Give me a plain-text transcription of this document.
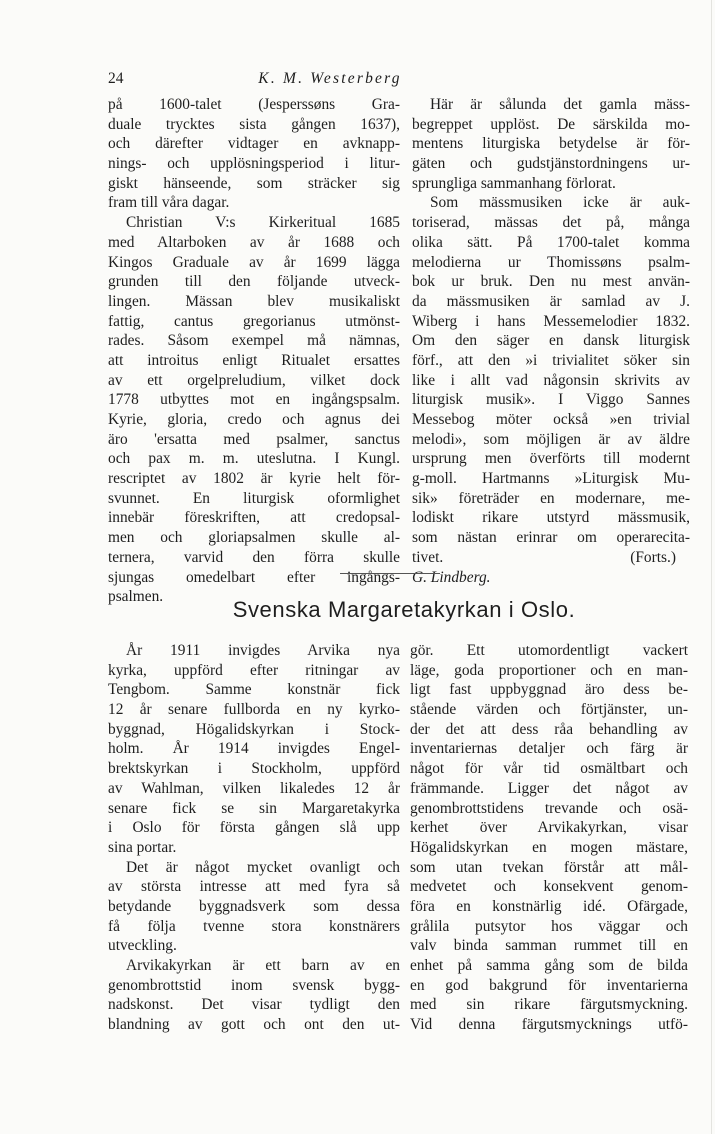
24	K. M. Westerberg
på 1600-talet (Jesperssøns Gra-
duale trycktes sista gången 1637),
och därefter vidtager en avknapp-
nings- och upplösningsperiod i litur-
giskt hänseende, som sträcker sig
fram till våra dagar.
Christian V:s Kirkeritual 1685
med Altarboken av år 1688 och
Kingos Graduale av år 1699 lägga
grunden till den följande utveck-
lingen. Mässan blev musikaliskt
fattig, cantus gregorianus utmönst-
rades. Såsom exempel må nämnas,
att introitus enligt Ritualet ersattes
av ett orgelpreludium, vilket dock
1778 utbyttes mot en ingångspsalm.
Kyrie, gloria, credo och agnus dei
äro 'ersatta med psalmer, sanctus
och pax m. m. uteslutna. I Kungl.
rescriptet av 1802 är kyrie helt för-
svunnet. En liturgisk oformlighet
innebär föreskriften, att credopsal-
men och gloriapsalmen skulle al-
ternera, varvid den förra skulle
sjungas omedelbart efter ingångs-
psalmen.
Här är sålunda det gamla mäss-
begreppet upplöst. De särskilda mo-
mentens liturgiska betydelse är för-
gäten och gudstjänstordningens ur-
sprungliga sammanhang förlorat.
Som mässmusiken icke är auk-
toriserad, mässas det på, många
olika sätt. På 1700-talet komma
melodierna ur Thomissøns psalm-
bok ur bruk. Den nu mest använ-
da mässmusiken är samlad av J.
Wiberg i hans Messemelodier 1832.
Om den säger en dansk liturgisk
förf., att den »i trivialitet söker sin
like i allt vad någonsin skrivits av
liturgisk musik». I Viggo Sannes
Messebog möter också »en trivial
melodi», som möjligen är av äldre
ursprung men överförts till modernt
g-moll. Hartmanns »Liturgisk Mu-
sik» företräder en modernare, me-
lodiskt rikare utstyrd mässmusik,
som nästan erinrar om operarecita-
tivet.	(Forts.)
G. Lindberg.
Svenska Margaretakyrkan i Oslo.
År 1911 invigdes Arvika nya
kyrka, uppförd efter ritningar av
Tengbom. Samme konstnär fick
12 år senare fullborda en ny kyrko-
byggnad, Högalidskyrkan i Stock-
holm. År 1914 invigdes Engel-
brektskyrkan i Stockholm, uppförd
av Wahlman, vilken likaledes 12 år
senare fick se sin Margaretakyrka
i Oslo för första gången slå upp
sina portar.
Det är något mycket ovanligt och
av största intresse att med fyra så
betydande byggnadsverk som dessa
få följa tvenne stora konstnärers
utveckling.
Arvikakyrkan är ett barn av en
genombrottstid inom svensk bygg-
nadskonst. Det visar tydligt den
blandning av gott och ont den ut-
gör. Ett utomordentligt vackert
läge, goda proportioner och en man-
ligt fast uppbyggnad äro dess be-
stående värden och förtjänster, un-
der det att dess råa behandling av
inventariernas detaljer och färg är
något för vår tid osmältbart och
främmande. Ligger det något av
genombrottstidens trevande och osä-
kerhet över Arvikakyrkan, visar
Högalidskyrkan en mogen mästare,
som utan tvekan förstår att mål-
medvetet och konsekvent genom-
föra en konstnärlig idé. Ofärgade,
grålila putsytor hos väggar och
valv binda samman rummet till en
enhet på samma gång som de bilda
en god bakgrund för inventarierna
med sin rikare färgutsmyckning.
Vid denna färgutsmycknings utfö-
